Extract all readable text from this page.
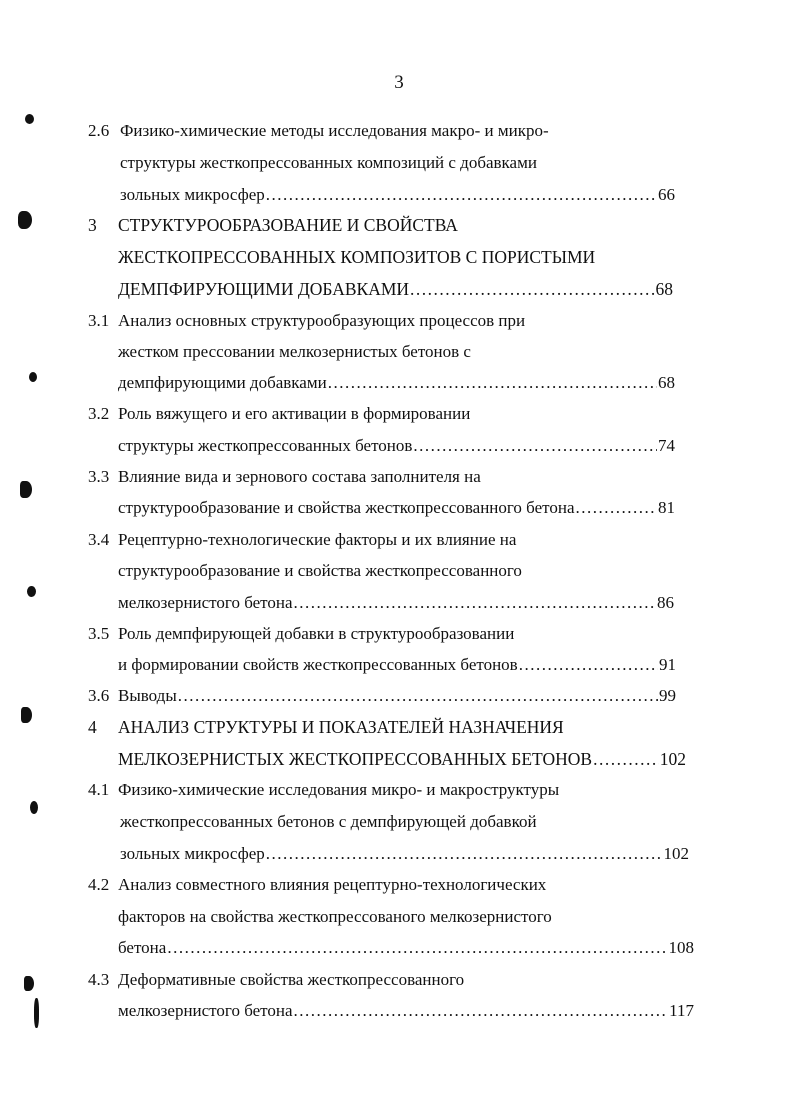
3
2.6 Физико-химические методы исследования макро- и микро-
структуры жесткопрессованных композиций с добавками
зольных микросфер .....	66
3 СТРУКТУРООБРАЗОВАНИЕ И СВОЙСТВА
ЖЕСТКОПРЕССОВАННЫХ КОМПОЗИТОВ С ПОРИСТЫМИ
ДЕМПФИРУЮЩИМИ ДОБАВКАМИ .....	68
3.1 Анализ основных структурообразующих процессов при
жестком прессовании мелкозернистых бетонов с
демпфирующими добавками .....	68
3.2 Роль вяжущего и его активации в формировании
структуры жесткопрессованных бетонов .....	74
3.3 Влияние вида и зернового состава заполнителя на
структурообразование и свойства жесткопрессованного бетона .....	81
3.4 Рецептурно-технологические факторы и их влияние на
структурообразование и свойства жесткопрессованного
мелкозернистого бетона .....	86
3.5 Роль демпфирующей добавки в структурообразовании
и формировании свойств жесткопрессованных бетонов .....	91
3.6 Выводы .....	99
4 АНАЛИЗ СТРУКТУРЫ И ПОКАЗАТЕЛЕЙ НАЗНАЧЕНИЯ
МЕЛКОЗЕРНИСТЫХ ЖЕСТКОПРЕССОВАННЫХ БЕТОНОВ .....	102
4.1 Физико-химические исследования микро- и макроструктуры
жесткопрессованных бетонов с демпфирующей добавкой
зольных микросфер .....	102
4.2 Анализ совместного влияния рецептурно-технологических
факторов на свойства жесткопрессованого мелкозернистого
бетона .....	108
4.3 Деформативные свойства жесткопрессованного
мелкозернистого бетона .....	117
